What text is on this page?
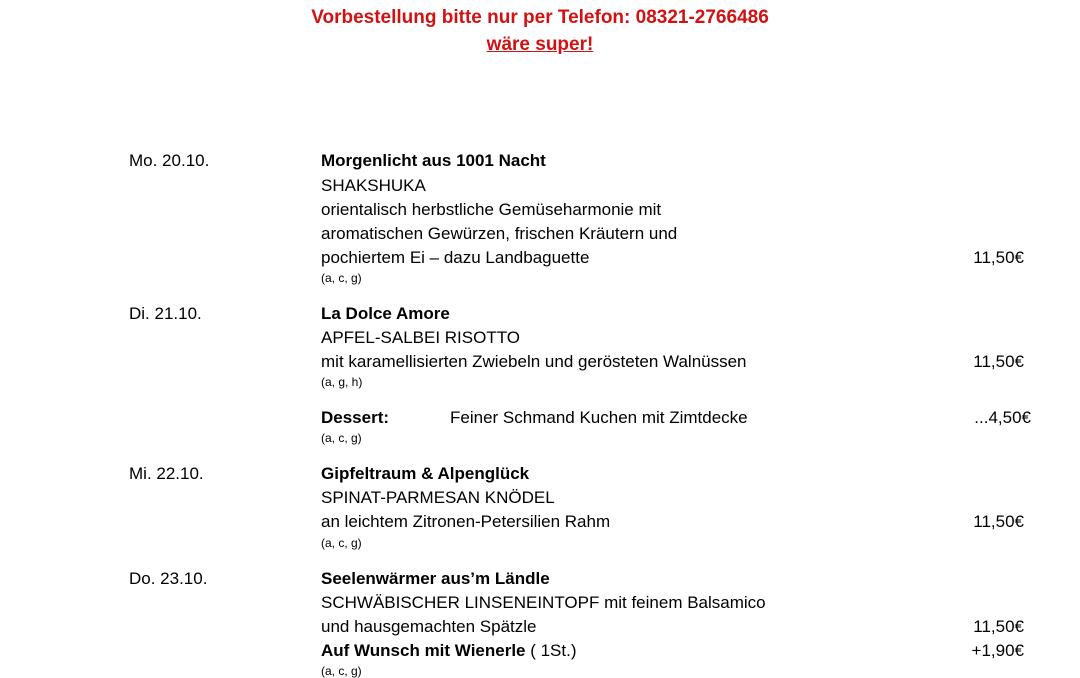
Vorbestellung bitte nur per Telefon: 08321-2766486
wäre super!
Mo. 20.10.	Morgenlicht aus 1001 Nacht
SHAKSHUKA
orientalisch herbstliche Gemüseharmonie mit
aromatischen Gewürzen, frischen Kräutern und
pochiertem Ei – dazu Landbaguette	11,50€
(a, c, g)
Di. 21.10.	La Dolce Amore
APFEL-SALBEI RISOTTO
mit karamellisierten Zwiebeln und gerösteten Walnüssen	11,50€
(a, g, h)
Dessert:	Feiner Schmand Kuchen mit Zimtdecke	...4,50€
(a, c, g)
Mi. 22.10.	Gipfeltraum & Alpenglück
SPINAT-PARMESAN KNÖDEL
an leichtem Zitronen-Petersilien Rahm	11,50€
(a, c, g)
Do. 23.10.	Seelenwärmer aus’m Ländle
SCHWÄBISCHER LINSENEINTOPF mit feinem Balsamico
und hausgemachten Spätzle	11,50€
Auf Wunsch mit Wienerle ( 1St.)	+1,90€
(a, c, g)
